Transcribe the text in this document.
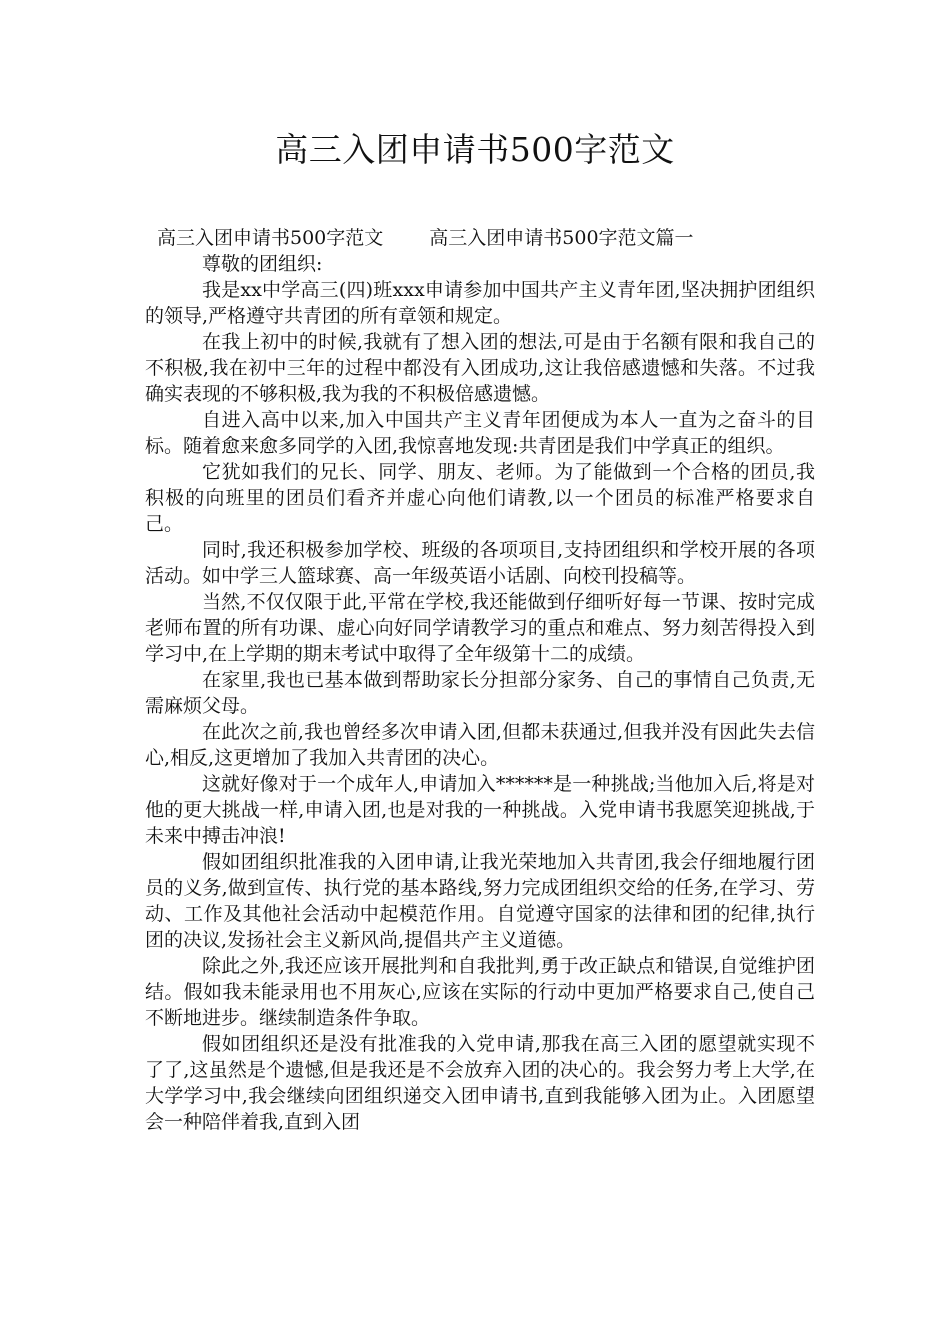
高三入团申请书500字范文
高三入团申请书500字范文 高三入团申请书500字范文篇一

尊敬的团组织:

我是xx中学高三(四)班xxx申请参加中国共产主义青年团,坚决拥护团组织的领导,严格遵守共青团的所有章领和规定。

在我上初中的时候,我就有了想入团的想法,可是由于名额有限和我自己的不积极,我在初中三年的过程中都没有入团成功,这让我倍感遗憾和失落。不过我确实表现的不够积极,我为我的不积极倍感遗憾。

自进入高中以来,加入中国共产主义青年团便成为本人一直为之奋斗的目标。随着愈来愈多同学的入团,我惊喜地发现:共青团是我们中学真正的组织。

它犹如我们的兄长、同学、朋友、老师。为了能做到一个合格的团员,我积极的向班里的团员们看齐并虚心向他们请教,以一个团员的标准严格要求自己。

同时,我还积极参加学校、班级的各项项目,支持团组织和学校开展的各项活动。如中学三人篮球赛、高一年级英语小话剧、向校刊投稿等。

当然,不仅仅限于此,平常在学校,我还能做到仔细听好每一节课、按时完成老师布置的所有功课、虚心向好同学请教学习的重点和难点、努力刻苦得投入到学习中,在上学期的期末考试中取得了全年级第十二的成绩。

在家里,我也已基本做到帮助家长分担部分家务、自己的事情自己负责,无需麻烦父母。

在此次之前,我也曾经多次申请入团,但都未获通过,但我并没有因此失去信心,相反,这更增加了我加入共青团的决心。

这就好像对于一个成年人,申请加入******是一种挑战;当他加入后,将是对他的更大挑战一样,申请入团,也是对我的一种挑战。入党申请书我愿笑迎挑战,于未来中搏击冲浪!

假如团组织批准我的入团申请,让我光荣地加入共青团,我会仔细地履行团员的义务,做到宣传、执行党的基本路线,努力完成团组织交给的任务,在学习、劳动、工作及其他社会活动中起模范作用。自觉遵守国家的法律和团的纪律,执行团的决议,发扬社会主义新风尚,提倡共产主义道德。

除此之外,我还应该开展批判和自我批判,勇于改正缺点和错误,自觉维护团结。假如我未能录用也不用灰心,应该在实际的行动中更加严格要求自己,使自己不断地进步。继续制造条件争取。

假如团组织还是没有批准我的入党申请,那我在高三入团的愿望就实现不了了,这虽然是个遗憾,但是我还是不会放弃入团的决心的。我会努力考上大学,在大学学习中,我会继续向团组织递交入团申请书,直到我能够入团为止。入团愿望会一种陪伴着我,直到入团
